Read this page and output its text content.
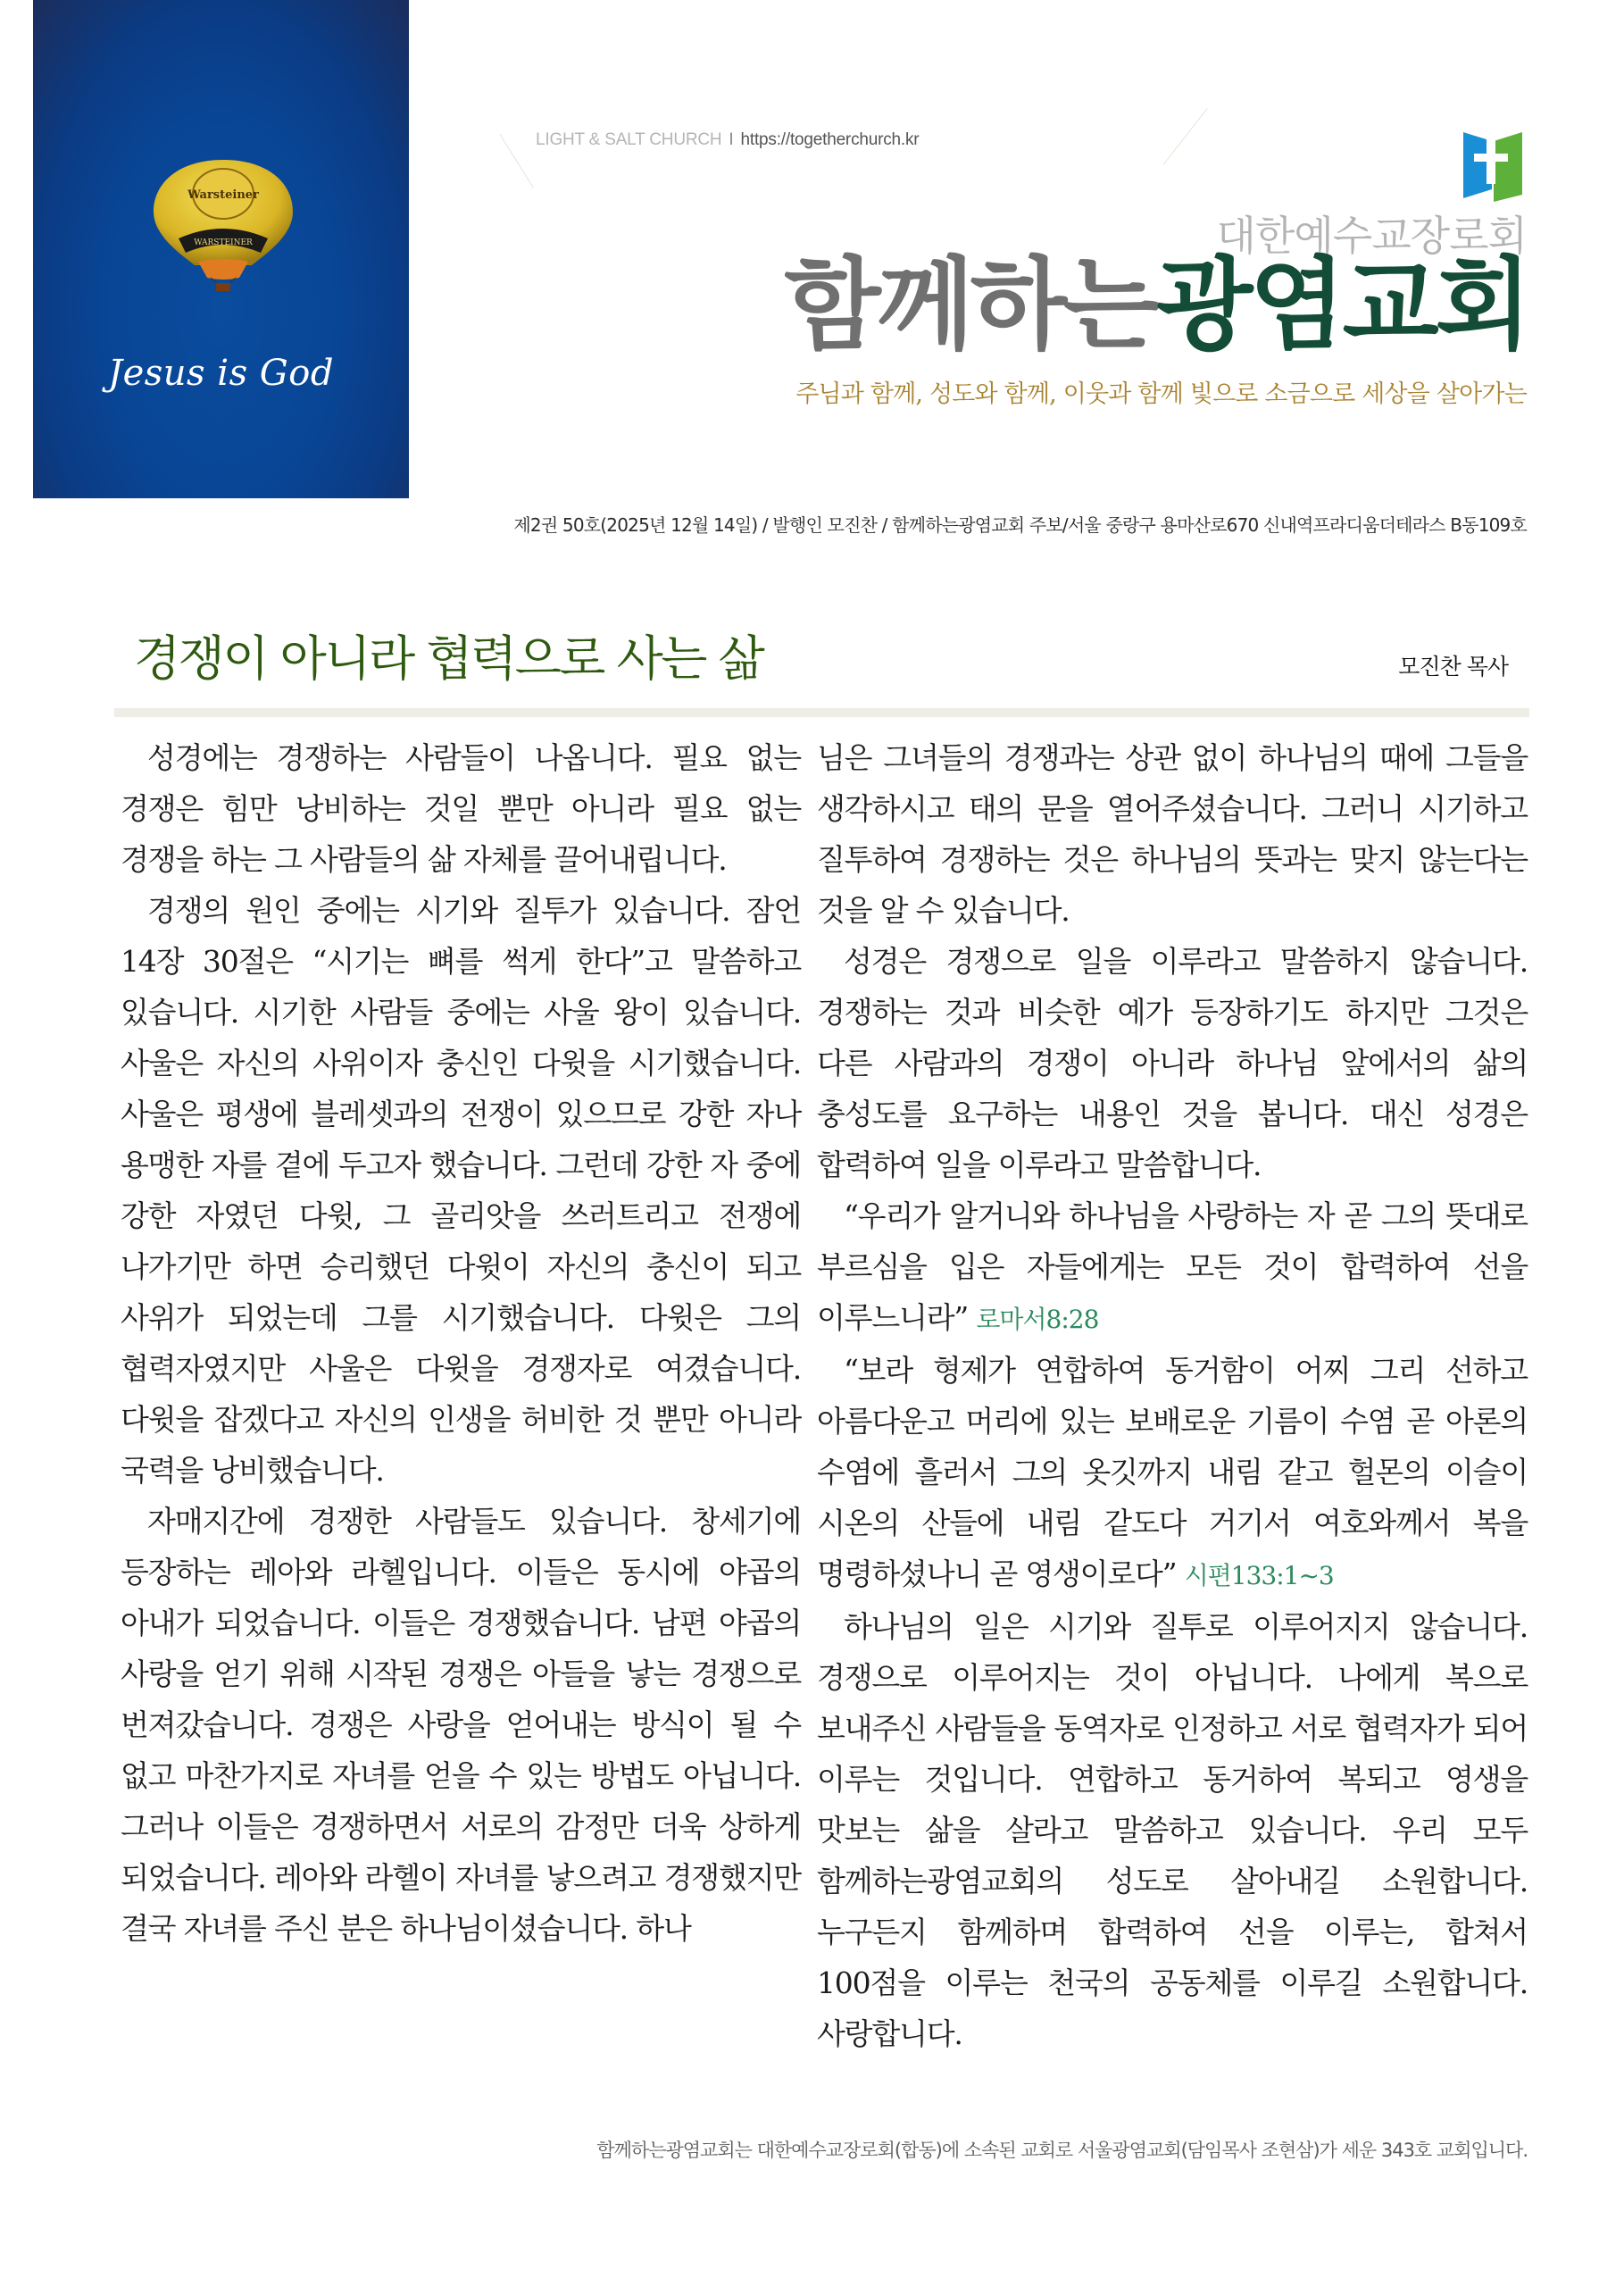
Warsteiner
WARSTEINER
Jesus is God
LIGHT & SALT CHURCH I https://togetherchurch.kr
대한예수교장로회
함께하는광염교회
주님과 함께, 성도와 함께, 이웃과 함께 빛으로 소금으로 세상을 살아가는
제2권 50호(2025년 12월 14일) / 발행인 모진찬 / 함께하는광염교회 주보/서울 중랑구 용마산로670 신내역프라디움더테라스 B동109호
경쟁이 아니라 협력으로 사는 삶	모진찬 목사

성경에는 경쟁하는 사람들이 나옵니다. 필요 없는 경쟁은 힘만 낭비하는 것일 뿐만 아니라 필요 없는 경쟁을 하는 그 사람들의 삶 자체를 끌어내립니다.

경쟁의 원인 중에는 시기와 질투가 있습니다. 잠언 14장 30절은 “시기는 뼈를 썩게 한다”고 말씀하고 있습니다. 시기한 사람들 중에는 사울 왕이 있습니다. 사울은 자신의 사위이자 충신인 다윗을 시기했습니다. 사울은 평생에 블레셋과의 전쟁이 있으므로 강한 자나 용맹한 자를 곁에 두고자 했습니다. 그런데 강한 자 중에 강한 자였던 다윗, 그 골리앗을 쓰러트리고 전쟁에 나가기만 하면 승리했던 다윗이 자신의 충신이 되고 사위가 되었는데 그를 시기했습니다. 다윗은 그의 협력자였지만 사울은 다윗을 경쟁자로 여겼습니다. 다윗을 잡겠다고 자신의 인생을 허비한 것 뿐만 아니라 국력을 낭비했습니다.

자매지간에 경쟁한 사람들도 있습니다. 창세기에 등장하는 레아와 라헬입니다. 이들은 동시에 야곱의 아내가 되었습니다. 이들은 경쟁했습니다. 남편 야곱의 사랑을 얻기 위해 시작된 경쟁은 아들을 낳는 경쟁으로 번져갔습니다. 경쟁은 사랑을 얻어내는 방식이 될 수 없고 마찬가지로 자녀를 얻을 수 있는 방법도 아닙니다. 그러나 이들은 경쟁하면서 서로의 감정만 더욱 상하게 되었습니다. 레아와 라헬이 자녀를 낳으려고 경쟁했지만 결국 자녀를 주신 분은 하나님이셨습니다. 하나

님은 그녀들의 경쟁과는 상관 없이 하나님의 때에 그들을 생각하시고 태의 문을 열어주셨습니다. 그러니 시기하고 질투하여 경쟁하는 것은 하나님의 뜻과는 맞지 않는다는 것을 알 수 있습니다.

성경은 경쟁으로 일을 이루라고 말씀하지 않습니다. 경쟁하는 것과 비슷한 예가 등장하기도 하지만 그것은 다른 사람과의 경쟁이 아니라 하나님 앞에서의 삶의 충성도를 요구하는 내용인 것을 봅니다. 대신 성경은 합력하여 일을 이루라고 말씀합니다.

“우리가 알거니와 하나님을 사랑하는 자 곧 그의 뜻대로 부르심을 입은 자들에게는 모든 것이 합력하여 선을 이루느니라” 로마서8:28

“보라 형제가 연합하여 동거함이 어찌 그리 선하고 아름다운고 머리에 있는 보배로운 기름이 수염 곧 아론의 수염에 흘러서 그의 옷깃까지 내림 같고 헐몬의 이슬이 시온의 산들에 내림 같도다 거기서 여호와께서 복을 명령하셨나니 곧 영생이로다” 시편133:1~3

하나님의 일은 시기와 질투로 이루어지지 않습니다. 경쟁으로 이루어지는 것이 아닙니다. 나에게 복으로 보내주신 사람들을 동역자로 인정하고 서로 협력자가 되어 이루는 것입니다. 연합하고 동거하여 복되고 영생을 맛보는 삶을 살라고 말씀하고 있습니다. 우리 모두 함께하는광염교회의 성도로 살아내길 소원합니다. 누구든지 함께하며 합력하여 선을 이루는, 합쳐서 100점을 이루는 천국의 공동체를 이루길 소원합니다. 사랑합니다.

함께하는광염교회는 대한예수교장로회(합동)에 소속된 교회로 서울광염교회(담임목사 조현삼)가 세운 343호 교회입니다.
